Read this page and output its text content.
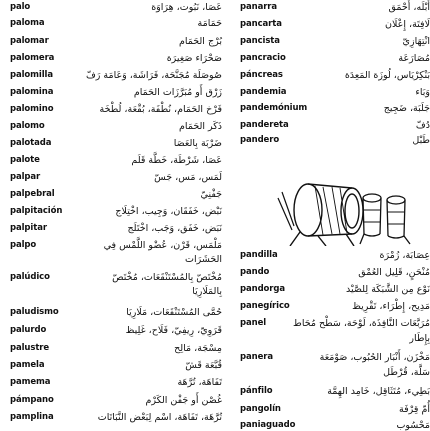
palo	عَصَا، نَبُوت، هِرَاوَة
paloma	حَمَامَة
palomar	بُرْج الحَمَام
palomera	صَحْرَاء صَغِيرَة
palomilla	صُوصَلَة مُجَنَّحَة، فَرَاشَة، وَعَامَة رَفّ
palomina	زَرْق أَو مُبَرَّزَات الحَمَام
palomino	فَرْخ الحَمَام، نُطْفَة، بُقْعَة، لُطْخَة
palomo	ذَكَر الحَمَام
palotada	ضَرْبَة بِالعَصَا
palote	عَصَا، شَرْطَة، خَطَّة قَلَم
palpar	لَمَس، مَس، جَسّ
palpebral	جَفْنِيّ
palpitación	نَبْض، خَفَقَان، وَجِيب، اخْتِلَاج
palpitar	نَبَض، خَفَق، وَجَب، اخْتَلَج
palpo	مَلْمَس، قَرْن، عُضْو اللَّمْس فِي
الحَشَرَات
palúdico	مُخْتَصّ بِالمُسْتَنْقَعَات، مُخْتَصّ
بِالمَلَارِيَا
paludismo	حُمَّى المُسْتَنْقَعَات، مَلَارِيَا
palurdo	قَرَوِيّ، رِيفِيّ، فَلَاح، غَلِيظ
palustre	مِسْجَة، مَالِح
pamela	قُبَّعَة قَشّ
pamema	تَفَاهَة، تُرَّهَة
pámpano	غُصْن أَو جَفْن الكَرْم
pamplina	تُرَّهَة، تَفَاهَة، اسْم لِبَعْض النَّبَاتَات
panarra	أَبْلَه، أَحْمَق
pancarta	لَافِتَة، إِعْلَان
pancista	انْتِهَازِيّ
pancracio	مُصَارَعَة
páncreas	بَنْكِرْيَاس، لُوزَة المَعِدَة
pandemia	وَبَاء
pandemónium	جَلَبَة، ضَجِيج
pandereta	دُفّ
pandero	طَبْل
pandilla	عِصَابَة، زُمْرَة
pando	مُنْحَنٍ، قَلِيل العُمْق
pandorga	نَوْع مِن الشَّبَكَة لِلصَّيْد
panegírico	مَدِيح، إِطْرَاء، تَقْرِيظ
panel	مُرَبَّعَات النَّافِذَة، لَوْحَة، سَطْح مُحَاط
بِإِطَار
panera	مَخْزَن، أَنْبَار الحُبُوب، صَوْمَعَة
سَلَّة، قُرْطَل
pánfilo	بَطِيء، مُتَثَاقِل، خَامِد الهِمَّة
pangolín	أُمّ قِرْفَة
paniaguado	مَحْسُوب
